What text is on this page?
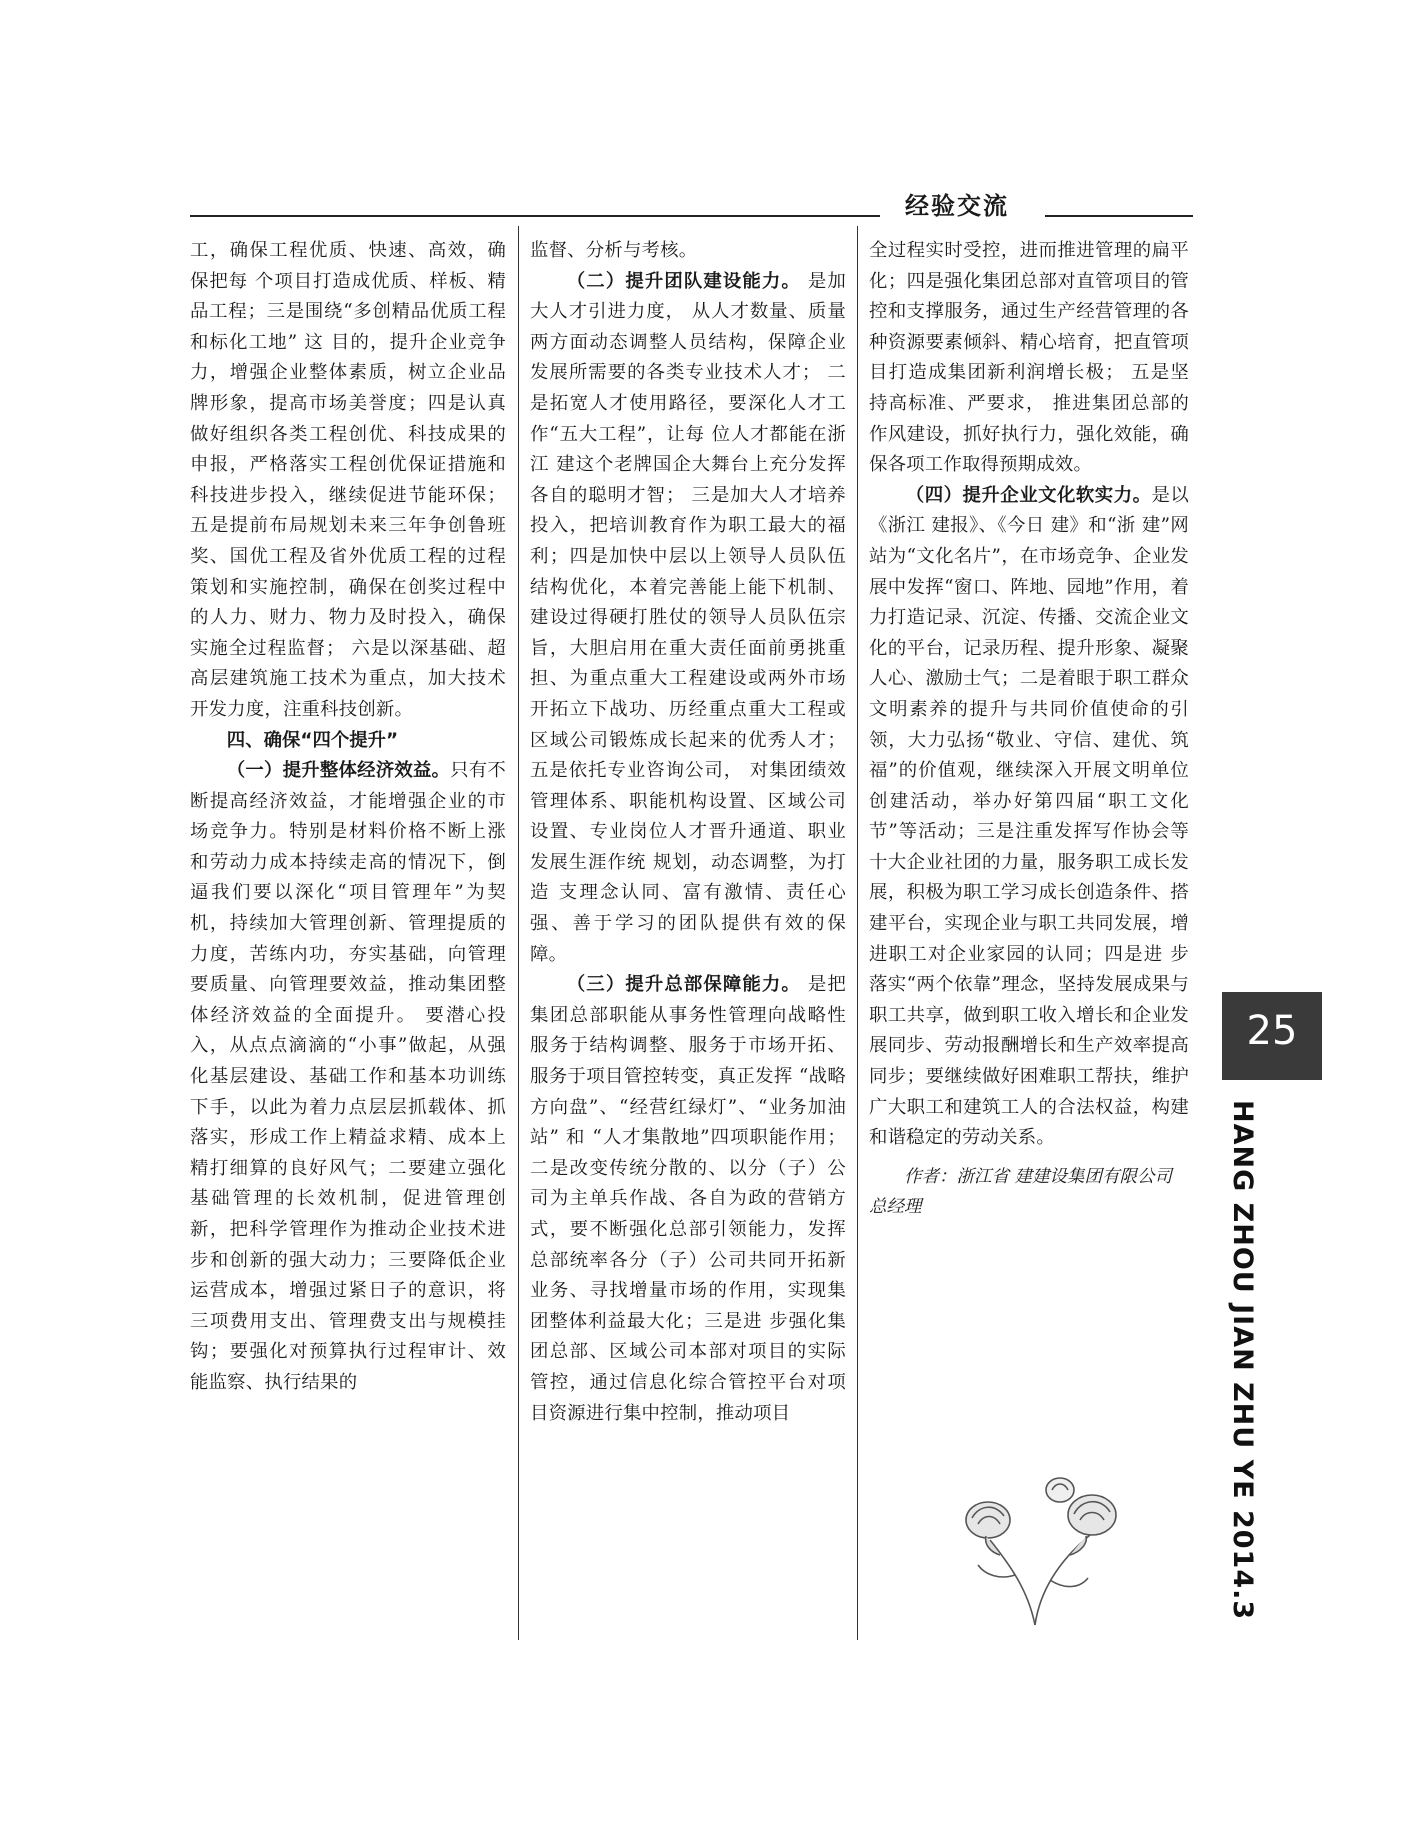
经验交流

工，确保工程优质、快速、高效，确保把每 个项目打造成优质、样板、精品工程；三是围绕“多创精品优质工程和标化工地” 这 目的，提升企业竞争力，增强企业整体素质，树立企业品牌形象，提高市场美誉度；四是认真做好组织各类工程创优、科技成果的申报，严格落实工程创优保证措施和科技进步投入，继续促进节能环保；五是提前布局规划未来三年争创鲁班奖、国优工程及省外优质工程的过程策划和实施控制，确保在创奖过程中的人力、财力、物力及时投入，确保实施全过程监督； 六是以深基础、超高层建筑施工技术为重点，加大技术开发力度，注重科技创新。

四、确保“四个提升”

（一）提升整体经济效益。只有不断提高经济效益，才能增强企业的市场竞争力。特别是材料价格不断上涨和劳动力成本持续走高的情况下，倒逼我们要以深化“项目管理年”为契机，持续加大管理创新、管理提质的力度，苦练内功，夯实基础，向管理要质量、向管理要效益，推动集团整体经济效益的全面提升。 要潜心投入，从点点滴滴的“小事”做起，从强化基层建设、基础工作和基本功训练下手，以此为着力点层层抓载体、抓落实，形成工作上精益求精、成本上精打细算的良好风气；二要建立强化基础管理的长效机制，促进管理创新，把科学管理作为推动企业技术进步和创新的强大动力；三要降低企业运营成本，增强过紧日子的意识，将三项费用支出、管理费支出与规模挂钩；要强化对预算执行过程审计、效能监察、执行结果的

监督、分析与考核。

（二）提升团队建设能力。 是加大人才引进力度， 从人才数量、质量两方面动态调整人员结构，保障企业发展所需要的各类专业技术人才； 二是拓宽人才使用路径，要深化人才工作“五大工程”，让每 位人才都能在浙江 建这个老牌国企大舞台上充分发挥各自的聪明才智； 三是加大人才培养投入，把培训教育作为职工最大的福利；四是加快中层以上领导人员队伍结构优化，本着完善能上能下机制、建设过得硬打胜仗的领导人员队伍宗旨，大胆启用在重大责任面前勇挑重担、为重点重大工程建设或两外市场开拓立下战功、历经重点重大工程或区域公司锻炼成长起来的优秀人才；五是依托专业咨询公司， 对集团绩效管理体系、职能机构设置、区域公司设置、专业岗位人才晋升通道、职业发展生涯作统 规划，动态调整，为打造 支理念认同、富有激情、责任心强、善于学习的团队提供有效的保障。

（三）提升总部保障能力。 是把集团总部职能从事务性管理向战略性服务于结构调整、服务于市场开拓、 服务于项目管控转变，真正发挥 “战略方向盘”、“经营红绿灯”、“业务加油站” 和 “人才集散地”四项职能作用；二是改变传统分散的、以分（子）公司为主单兵作战、各自为政的营销方式，要不断强化总部引领能力，发挥总部统率各分（子）公司共同开拓新业务、寻找增量市场的作用，实现集团整体利益最大化；三是进 步强化集团总部、区域公司本部对项目的实际管控，通过信息化综合管控平台对项目资源进行集中控制，推动项目

全过程实时受控，进而推进管理的扁平化；四是强化集团总部对直管项目的管控和支撑服务，通过生产经营管理的各种资源要素倾斜、精心培育，把直管项目打造成集团新利润增长极； 五是坚持高标准、严要求， 推进集团总部的作风建设，抓好执行力，强化效能，确保各项工作取得预期成效。

（四）提升企业文化软实力。是以《浙江 建报》、《今日 建》和“浙 建”网站为“文化名片”，在市场竞争、企业发展中发挥“窗口、阵地、园地”作用，着力打造记录、沉淀、传播、交流企业文化的平台，记录历程、提升形象、凝聚人心、激励士气；二是着眼于职工群众文明素养的提升与共同价值使命的引领，大力弘扬“敬业、守信、建优、筑福”的价值观，继续深入开展文明单位创建活动，举办好第四届“职工文化节”等活动；三是注重发挥写作协会等十大企业社团的力量，服务职工成长发展，积极为职工学习成长创造条件、搭建平台，实现企业与职工共同发展，增进职工对企业家园的认同；四是进 步落实“两个依靠”理念，坚持发展成果与职工共享，做到职工收入增长和企业发展同步、劳动报酬增长和生产效率提高同步；要继续做好困难职工帮扶，维护广大职工和建筑工人的合法权益，构建和谐稳定的劳动关系。

作者：浙江省 建建设集团有限公司总经理

25
HANG ZHOU JIAN ZHU YE 2014.3
